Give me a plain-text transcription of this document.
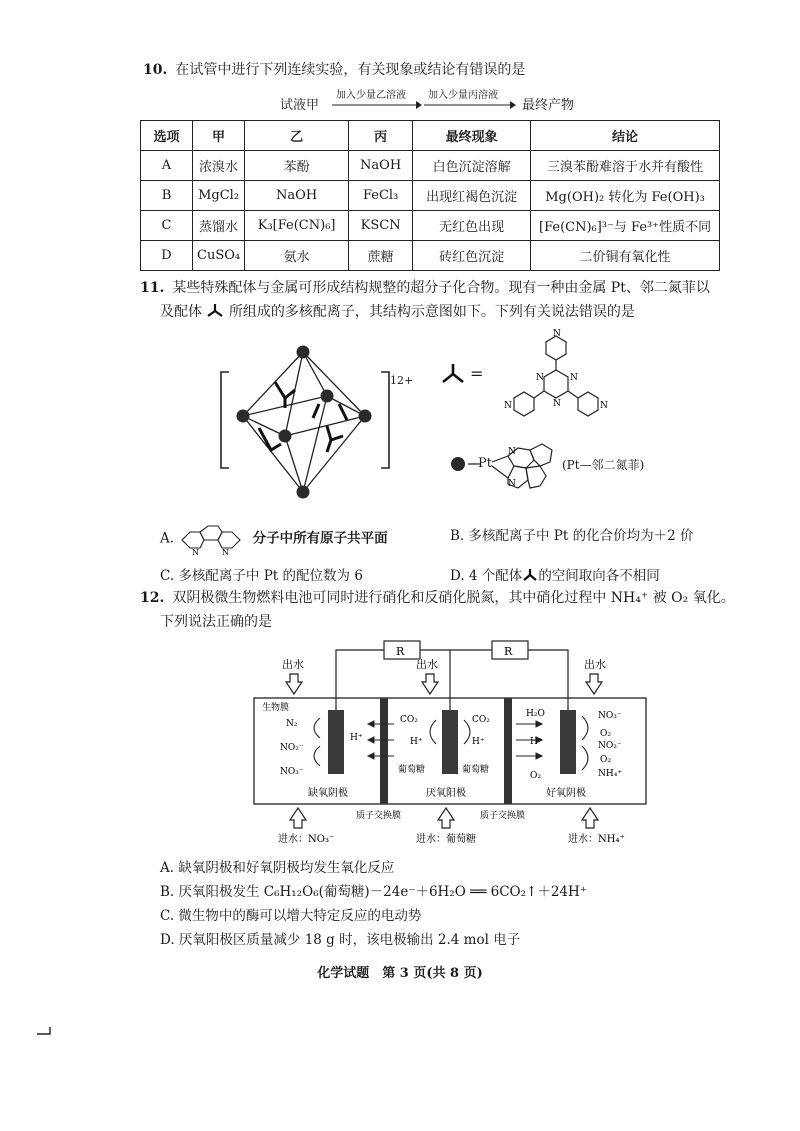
10. 在试管中进行下列连续实验，有关现象或结论有错误的是
试液甲
加入少量乙溶液 加入少量丙溶液
最终产物
选项	甲	乙	丙	最终现象	结论
A	浓溴水	苯酚	NaOH	白色沉淀溶解	三溴苯酚难溶于水并有酸性
B	MgCl₂	NaOH	FeCl₃	出现红褐色沉淀	Mg(OH)₂ 转化为 Fe(OH)₃
C	蒸馏水	K₃[Fe(CN)₆]	KSCN	无红色出现	[Fe(CN)₆]³⁻与 Fe³⁺性质不同
D	CuSO₄	氨水	蔗糖	砖红色沉淀	二价铜有氧化性
11. 某些特殊配体与金属可形成结构规整的超分子化合物。现有一种由金属 Pt、邻二氮菲以
及配体 所组成的多核配离子，其结构示意图如下。下列有关说法错误的是
12+	=
N
N
N
N
N	N
N
N
Pt	(Pt—邻二氮菲)
A.
N	N
分子中所有原子共平面	B. 多核配离子中 Pt 的化合价均为＋2 价
C. 多核配离子中 Pt 的配位数为 6	D. 4 个配体 的空间取向各不相同
12. 双阴极微生物燃料电池可同时进行硝化和反硝化脱氮，其中硝化过程中 NH₄⁺ 被 O₂ 氧化。
下列说法正确的是
R	R
出水	出水	出水
生物膜
N₂
NO₂⁻
NO₃⁻
H⁺
CO₂	CO₂
H⁺	H⁺
葡萄糖	葡萄糖
H₂O
H⁺
O₂
NO₃⁻
O₂
NO₂⁻
O₂
NH₄⁺
缺氧阴极	厌氧阳极	好氧阴极
质子交换膜	质子交换膜
进水：NO₃⁻	进水：葡萄糖	进水：NH₄⁺
A. 缺氧阴极和好氧阴极均发生氧化反应
B. 厌氧阳极发生 C₆H₁₂O₆(葡萄糖)－24e⁻＋6H₂O ══ 6CO₂↑＋24H⁺
C. 微生物中的酶可以增大特定反应的电动势
D. 厌氧阳极区质量减少 18 g 时，该电极输出 2.4 mol 电子
化学试题　第 3 页(共 8 页)
